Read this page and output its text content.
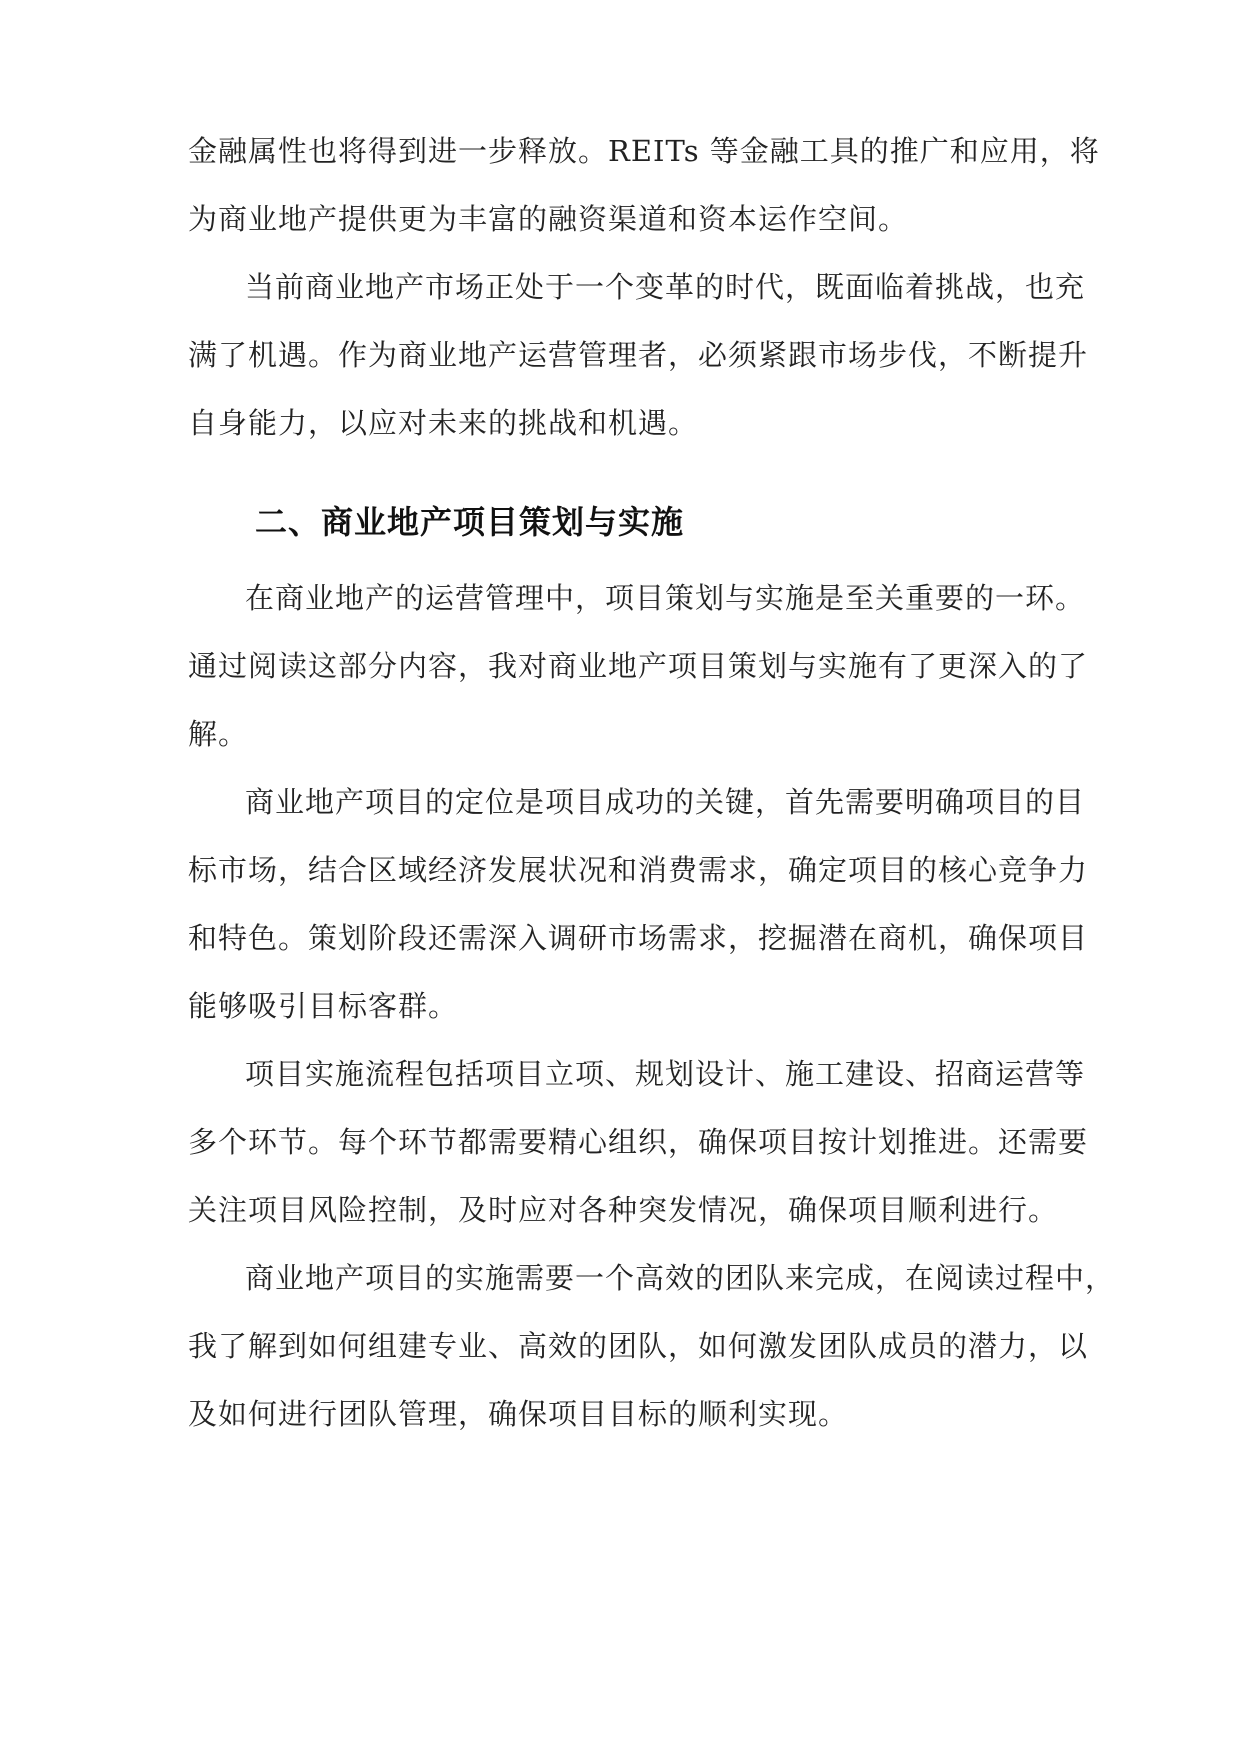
金融属性也将得到进一步释放。REITs 等金融工具的推广和应用，将
为商业地产提供更为丰富的融资渠道和资本运作空间。
当前商业地产市场正处于一个变革的时代，既面临着挑战，也充
满了机遇。作为商业地产运营管理者，必须紧跟市场步伐，不断提升
自身能力，以应对未来的挑战和机遇。
二、商业地产项目策划与实施
在商业地产的运营管理中，项目策划与实施是至关重要的一环。
通过阅读这部分内容，我对商业地产项目策划与实施有了更深入的了
解。
商业地产项目的定位是项目成功的关键，首先需要明确项目的目
标市场，结合区域经济发展状况和消费需求，确定项目的核心竞争力
和特色。策划阶段还需深入调研市场需求，挖掘潜在商机，确保项目
能够吸引目标客群。
项目实施流程包括项目立项、规划设计、施工建设、招商运营等
多个环节。每个环节都需要精心组织，确保项目按计划推进。还需要
关注项目风险控制，及时应对各种突发情况，确保项目顺利进行。
商业地产项目的实施需要一个高效的团队来完成，在阅读过程中，
我了解到如何组建专业、高效的团队，如何激发团队成员的潜力，以
及如何进行团队管理，确保项目目标的顺利实现。
